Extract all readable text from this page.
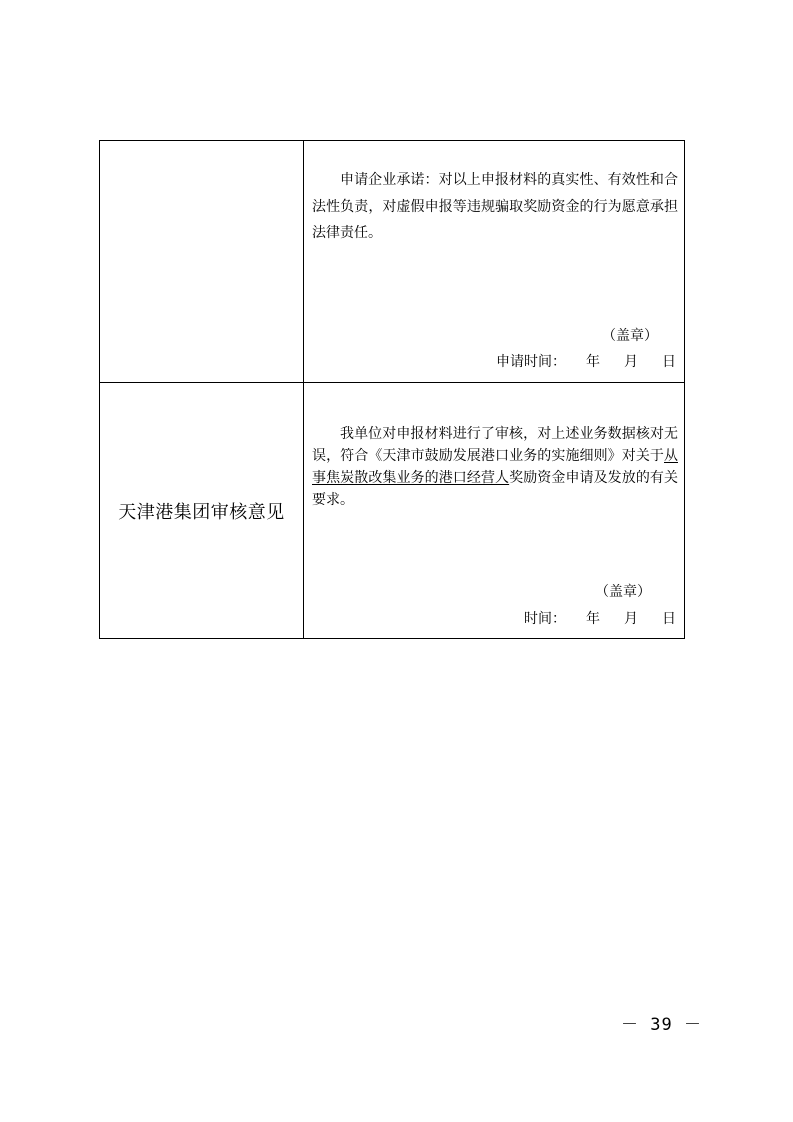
申请企业承诺：对以上申报材料的真实性、有效性和合法性负责，对虚假申报等违规骗取奖励资金的行为愿意承担法律责任。

（盖章）
申请时间： 年 月 日
天津港集团审核意见

我单位对申报材料进行了审核，对上述业务数据核对无误，符合《天津市鼓励发展港口业务的实施细则》对关于从事焦炭散改集业务的港口经营人奖励资金申请及发放的有关要求。

（盖章）
时间： 年 月 日
－ 39 －
